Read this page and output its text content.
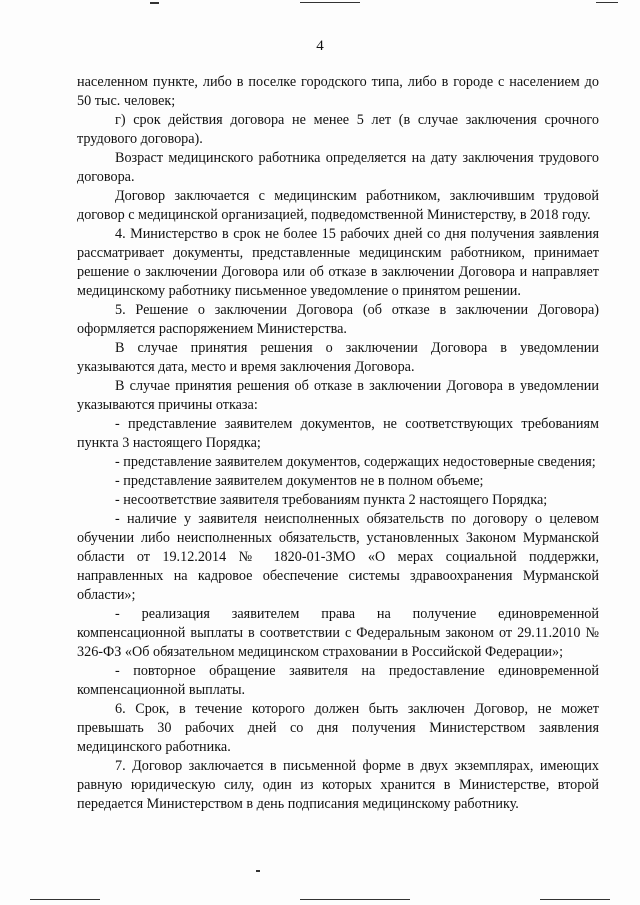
4

населенном пункте, либо в поселке городского типа, либо в городе с населением до 50 тыс. человек;

г) срок действия договора не менее 5 лет (в случае заключения срочного трудового договора).

Возраст медицинского работника определяется на дату заключения трудового договора.

Договор заключается с медицинским работником, заключившим трудовой договор с медицинской организацией, подведомственной Министерству, в 2018 году.

4. Министерство в срок не более 15 рабочих дней со дня получения заявления рассматривает документы, представленные медицинским работником, принимает решение о заключении Договора или об отказе в заключении Договора и направляет медицинскому работнику письменное уведомление о принятом решении.

5. Решение о заключении Договора (об отказе в заключении Договора) оформляется распоряжением Министерства.

В случае принятия решения о заключении Договора в уведомлении указываются дата, место и время заключения Договора.

В случае принятия решения об отказе в заключении Договора в уведомлении указываются причины отказа:

- представление заявителем документов, не соответствующих требованиям пункта 3 настоящего Порядка;

- представление заявителем документов, содержащих недостоверные сведения;

- представление заявителем документов не в полном объеме;

- несоответствие заявителя требованиям пункта 2 настоящего Порядка;

- наличие у заявителя неисполненных обязательств по договору о целевом обучении либо неисполненных обязательств, установленных Законом Мурманской области от 19.12.2014 № 1820-01-ЗМО «О мерах социальной поддержки, направленных на кадровое обеспечение системы здравоохранения Мурманской области»;

- реализация заявителем права на получение единовременной компенсационной выплаты в соответствии с Федеральным законом от 29.11.2010 № 326-ФЗ «Об обязательном медицинском страховании в Российской Федерации»;

- повторное обращение заявителя на предоставление единовременной компенсационной выплаты.

6. Срок, в течение которого должен быть заключен Договор, не может превышать 30 рабочих дней со дня получения Министерством заявления медицинского работника.

7. Договор заключается в письменной форме в двух экземплярах, имеющих равную юридическую силу, один из которых хранится в Министерстве, второй передается Министерством в день подписания медицинскому работнику.
